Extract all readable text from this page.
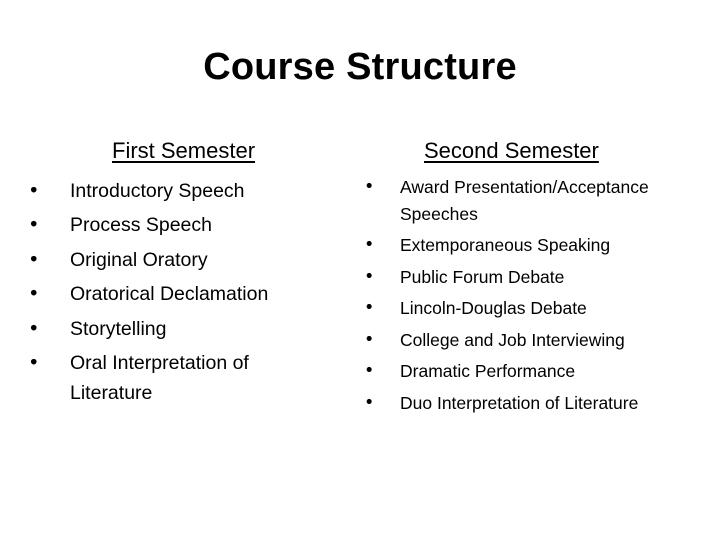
Course Structure
First Semester	Second Semester
•	Introductory Speech
•	Process Speech
•	Original Oratory
•	Oratorical Declamation
•	Storytelling
•	Oral Interpretation of Literature
•	Award Presentation/Acceptance Speeches
•	Extemporaneous Speaking
•	Public Forum Debate
•	Lincoln-Douglas Debate
•	College and Job Interviewing
•	Dramatic Performance
•	Duo Interpretation of Literature
